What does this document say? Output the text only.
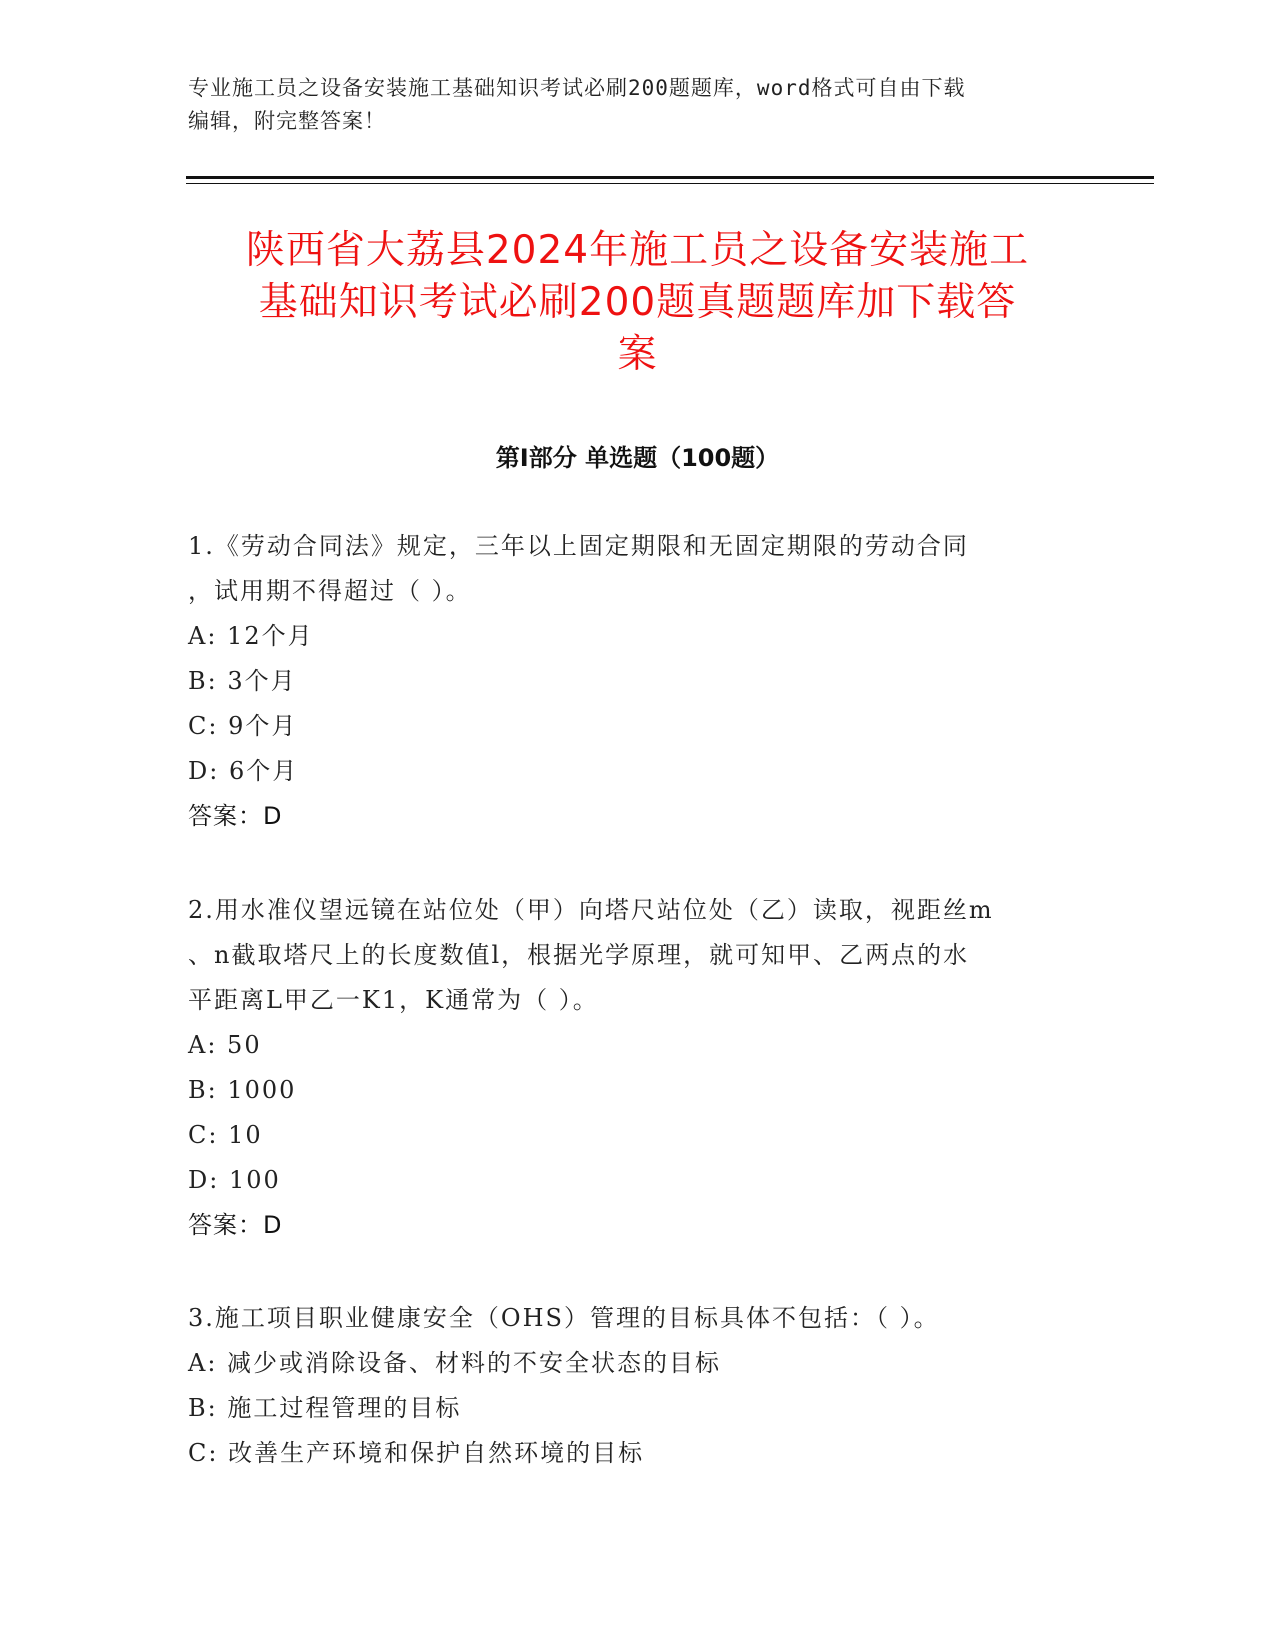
专业施工员之设备安装施工基础知识考试必刷200题题库，word格式可自由下载
编辑，附完整答案！
陕西省大荔县2024年施工员之设备安装施工
基础知识考试必刷200题真题题库加下载答
案
第Ⅰ部分 单选题（100题）
1.《劳动合同法》规定，三年以上固定期限和无固定期限的劳动合同
，试用期不得超过（ ）。
A: 12个月
B: 3个月
C: 9个月
D: 6个月
答案：D
2.用水准仪望远镜在站位处（甲）向塔尺站位处（乙）读取，视距丝m
、n截取塔尺上的长度数值l，根据光学原理，就可知甲、乙两点的水
平距离L甲乙一K1，K通常为（ ）。
A: 50
B: 1000
C: 10
D: 100
答案：D
3.施工项目职业健康安全（OHS）管理的目标具体不包括：（ ）。
A: 减少或消除设备、材料的不安全状态的目标
B: 施工过程管理的目标
C: 改善生产环境和保护自然环境的目标
